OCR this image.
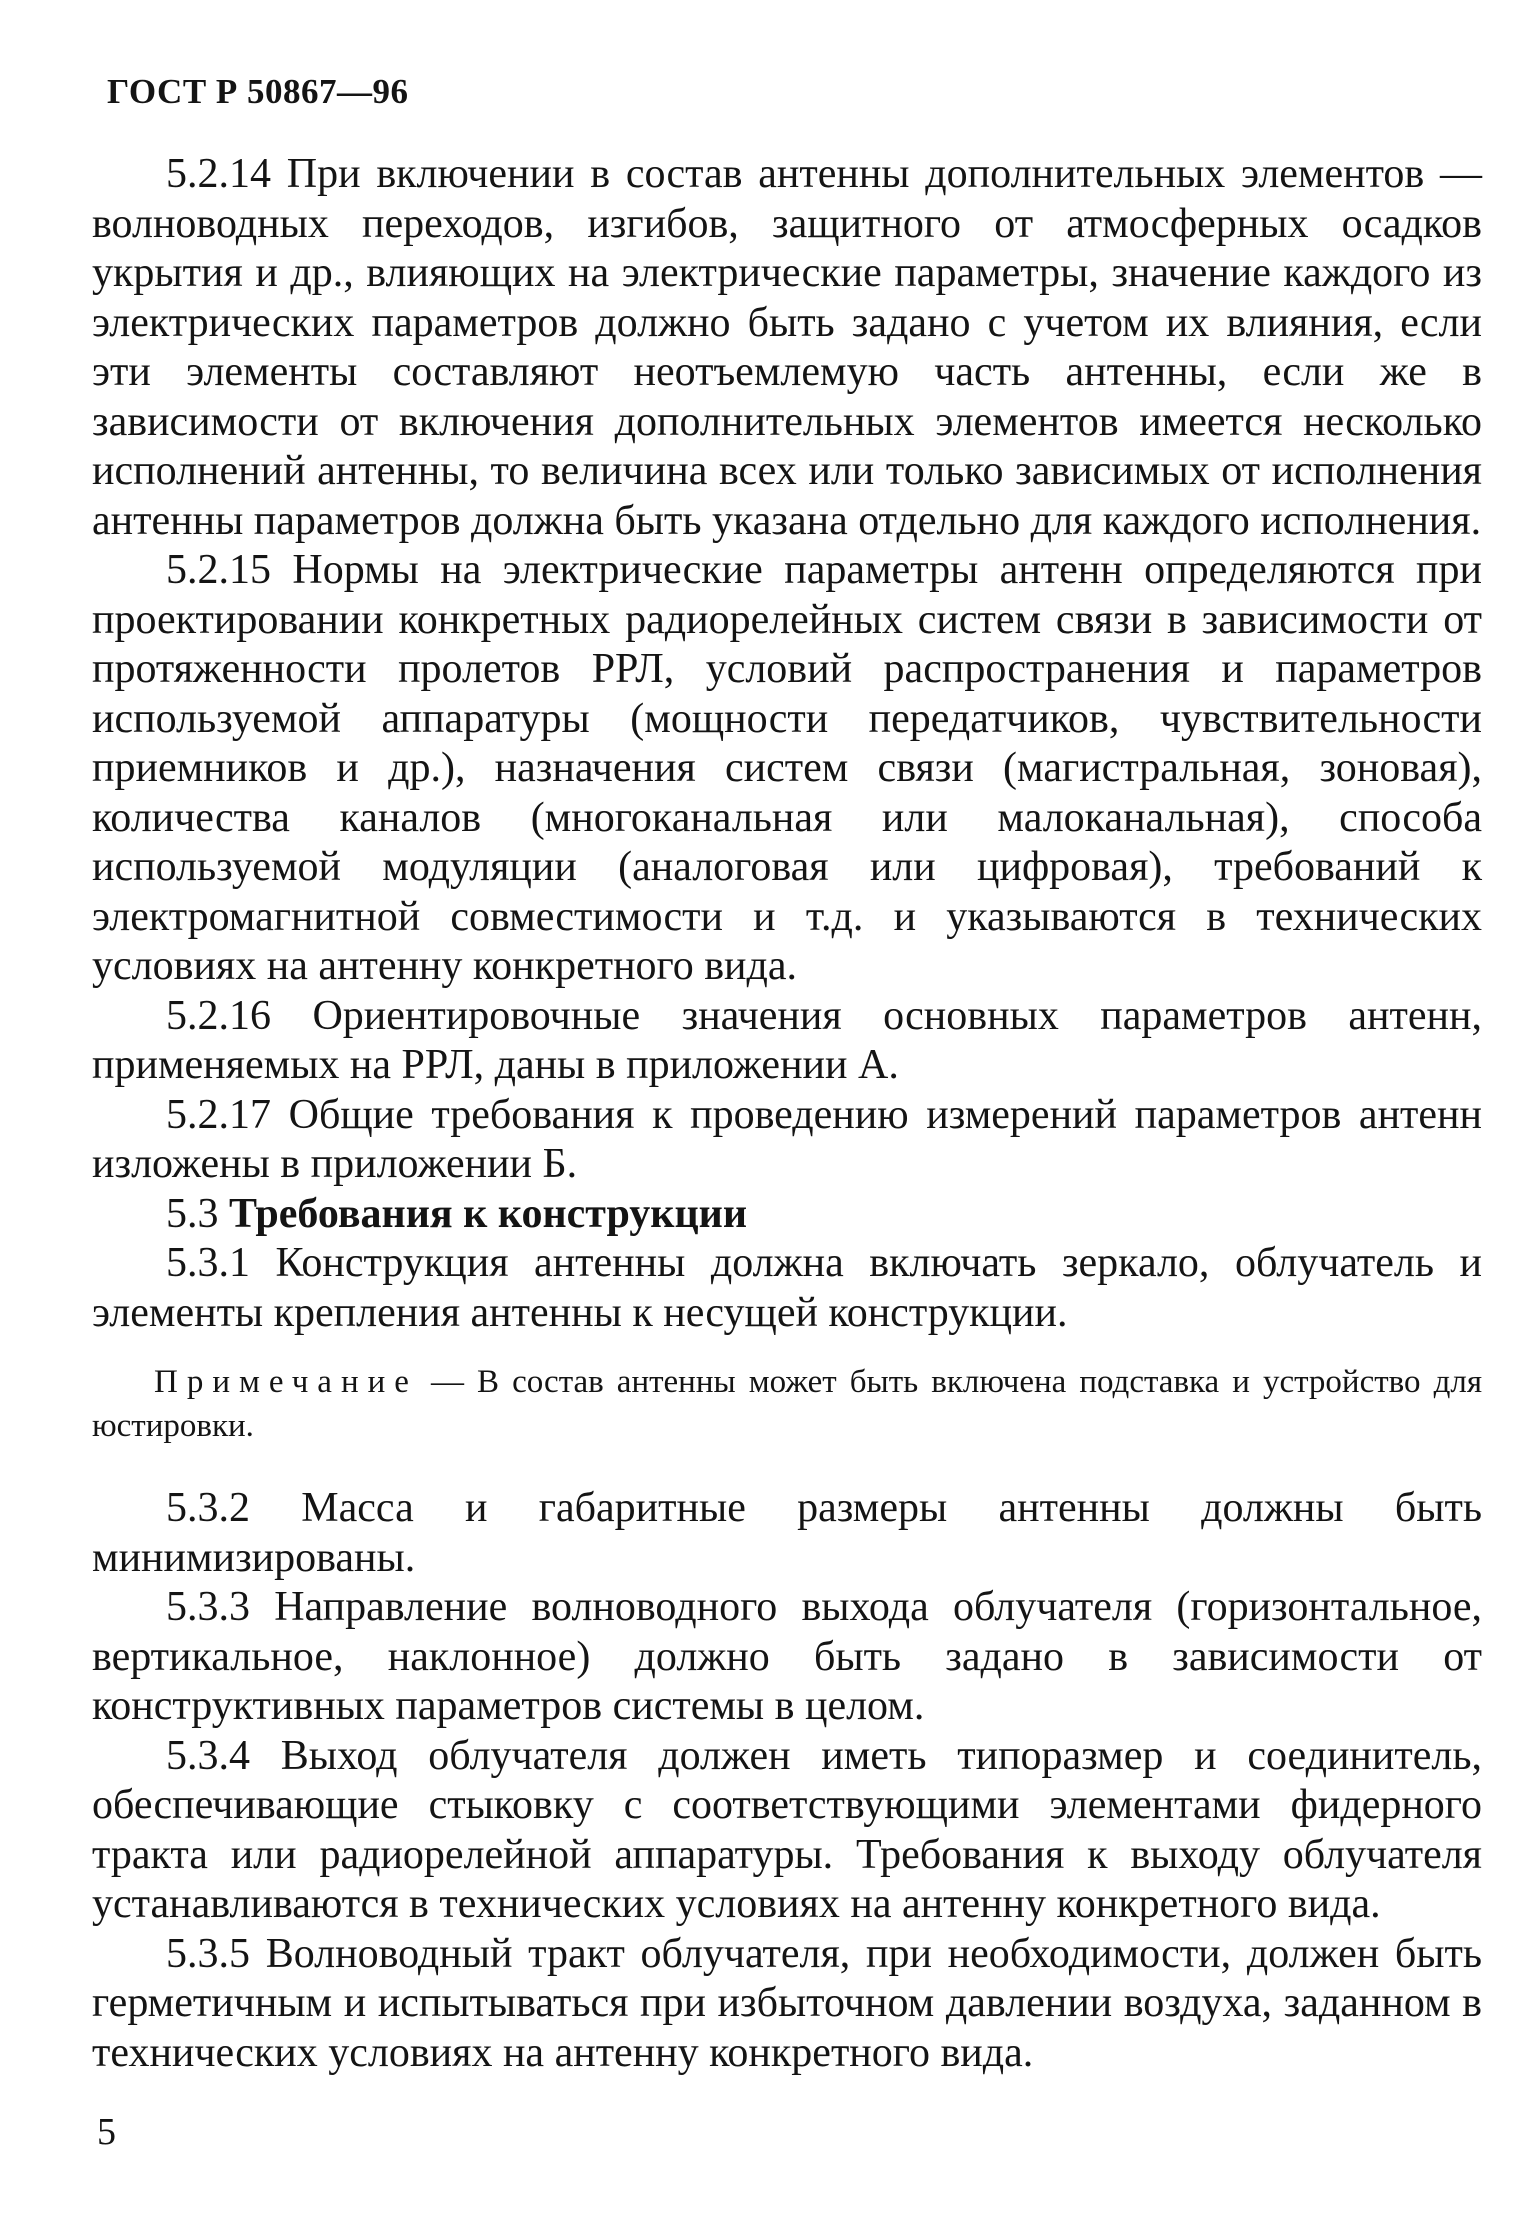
ГОСТ Р 50867—96

5.2.14 При включении в состав антенны дополнительных элементов — волноводных переходов, изгибов, защитного от атмосферных осадков укрытия и др., влияющих на электрические параметры, значение каждого из электрических параметров должно быть задано с учетом их влияния, если эти элементы составляют неотъемлемую часть антенны, если же в зависимости от включения дополнительных элементов имеется несколько исполнений антенны, то величина всех или только зависимых от исполнения антенны параметров должна быть указана отдельно для каждого исполнения.

5.2.15 Нормы на электрические параметры антенн определяются при проектировании конкретных радиорелейных систем связи в зависимости от протяженности пролетов РРЛ, условий распространения и параметров используемой аппаратуры (мощности передатчиков, чувствительности приемников и др.), назначения систем связи (магистральная, зоновая), количества каналов (многоканальная или малоканальная), способа используемой модуляции (аналоговая или цифровая), требований к электромагнитной совместимости и т.д. и указываются в технических условиях на антенну конкретного вида.

5.2.16 Ориентировочные значения основных параметров антенн, применяемых на РРЛ, даны в приложении А.

5.2.17 Общие требования к проведению измерений параметров антенн изложены в приложении Б.

5.3 Требования к конструкции

5.3.1 Конструкция антенны должна включать зеркало, облучатель и элементы крепления антенны к несущей конструкции.

Примечание — В состав антенны может быть включена подставка и устройство для юстировки.

5.3.2 Масса и габаритные размеры антенны должны быть минимизированы.

5.3.3 Направление волноводного выхода облучателя (горизонтальное, вертикальное, наклонное) должно быть задано в зависимости от конструктивных параметров системы в целом.

5.3.4 Выход облучателя должен иметь типоразмер и соединитель, обеспечивающие стыковку с соответствующими элементами фидерного тракта или радиорелейной аппаратуры. Требования к выходу облучателя устанавливаются в технических условиях на антенну конкретного вида.

5.3.5 Волноводный тракт облучателя, при необходимости, должен быть герметичным и испытываться при избыточном давлении воздуха, заданном в технических условиях на антенну конкретного вида.

5
